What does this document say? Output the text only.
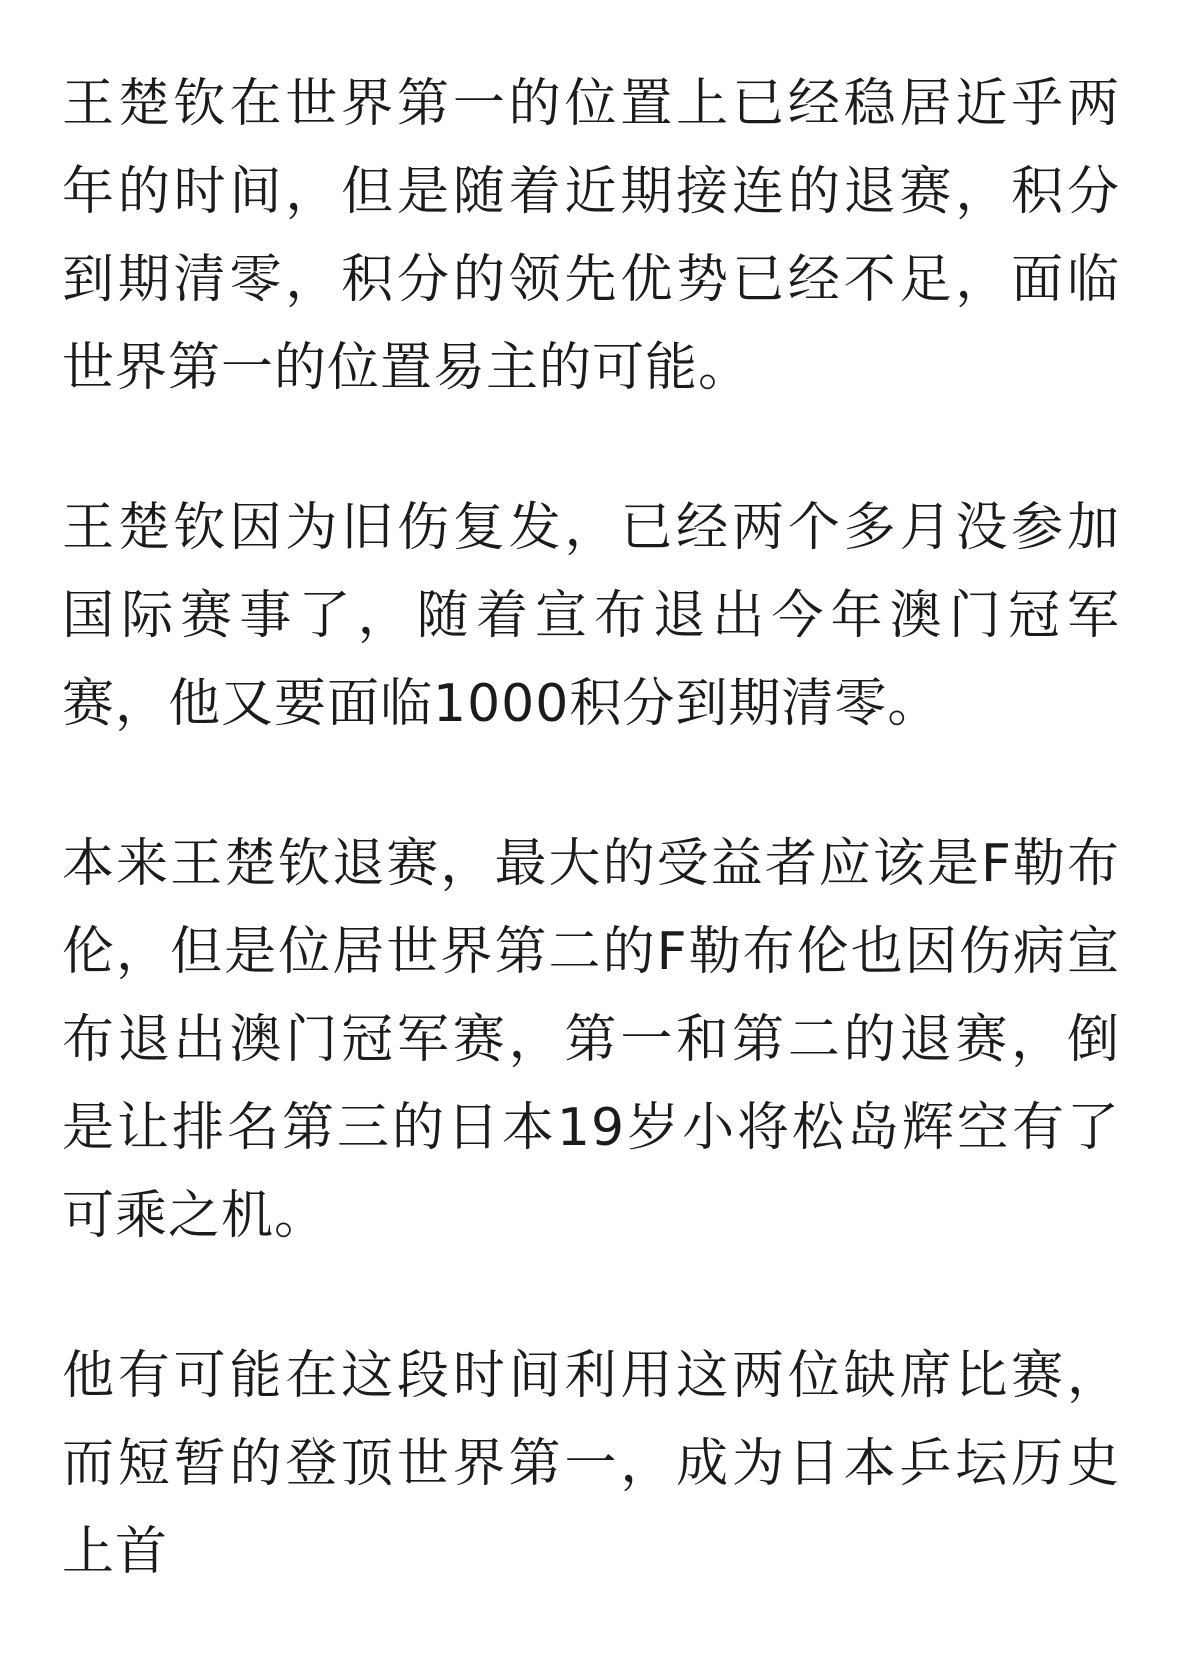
王楚钦在世界第一的位置上已经稳居近乎两年的时间，但是随着近期接连的退赛，积分到期清零，积分的领先优势已经不足，面临世界第一的位置易主的可能。

王楚钦因为旧伤复发，已经两个多月没参加国际赛事了，随着宣布退出今年澳门冠军赛，他又要面临1000积分到期清零。

本来王楚钦退赛，最大的受益者应该是F勒布伦，但是位居世界第二的F勒布伦也因伤病宣布退出澳门冠军赛，第一和第二的退赛，倒是让排名第三的日本19岁小将松岛辉空有了可乘之机。

他有可能在这段时间利用这两位缺席比赛，而短暂的登顶世界第一，成为日本乒坛历史上首
